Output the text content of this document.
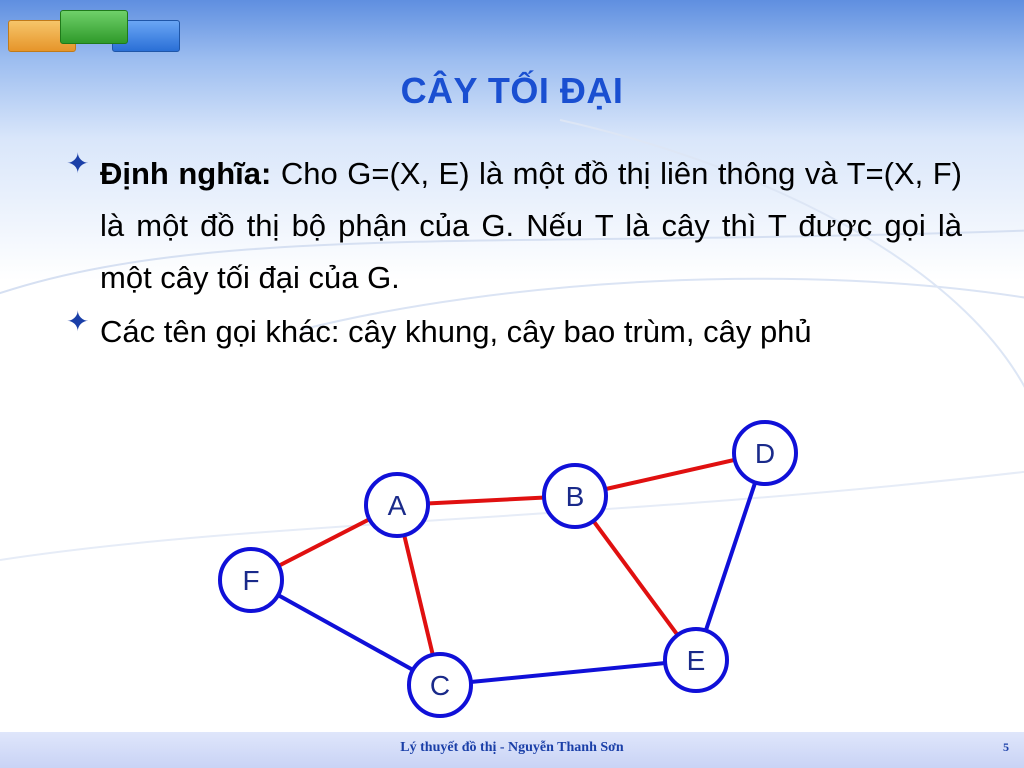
CÂY TỐI ĐẠI
✦ Định nghĩa: Cho G=(X, E) là một đồ thị liên thông và T=(X, F) là một đồ thị bộ phận của G. Nếu T là cây thì T được gọi là một cây tối đại của G.

✦ Các tên gọi khác: cây khung, cây bao trùm, cây phủ

A	B
C
D
E
F
Lý thuyết đồ thị - Nguyễn Thanh Sơn	5
